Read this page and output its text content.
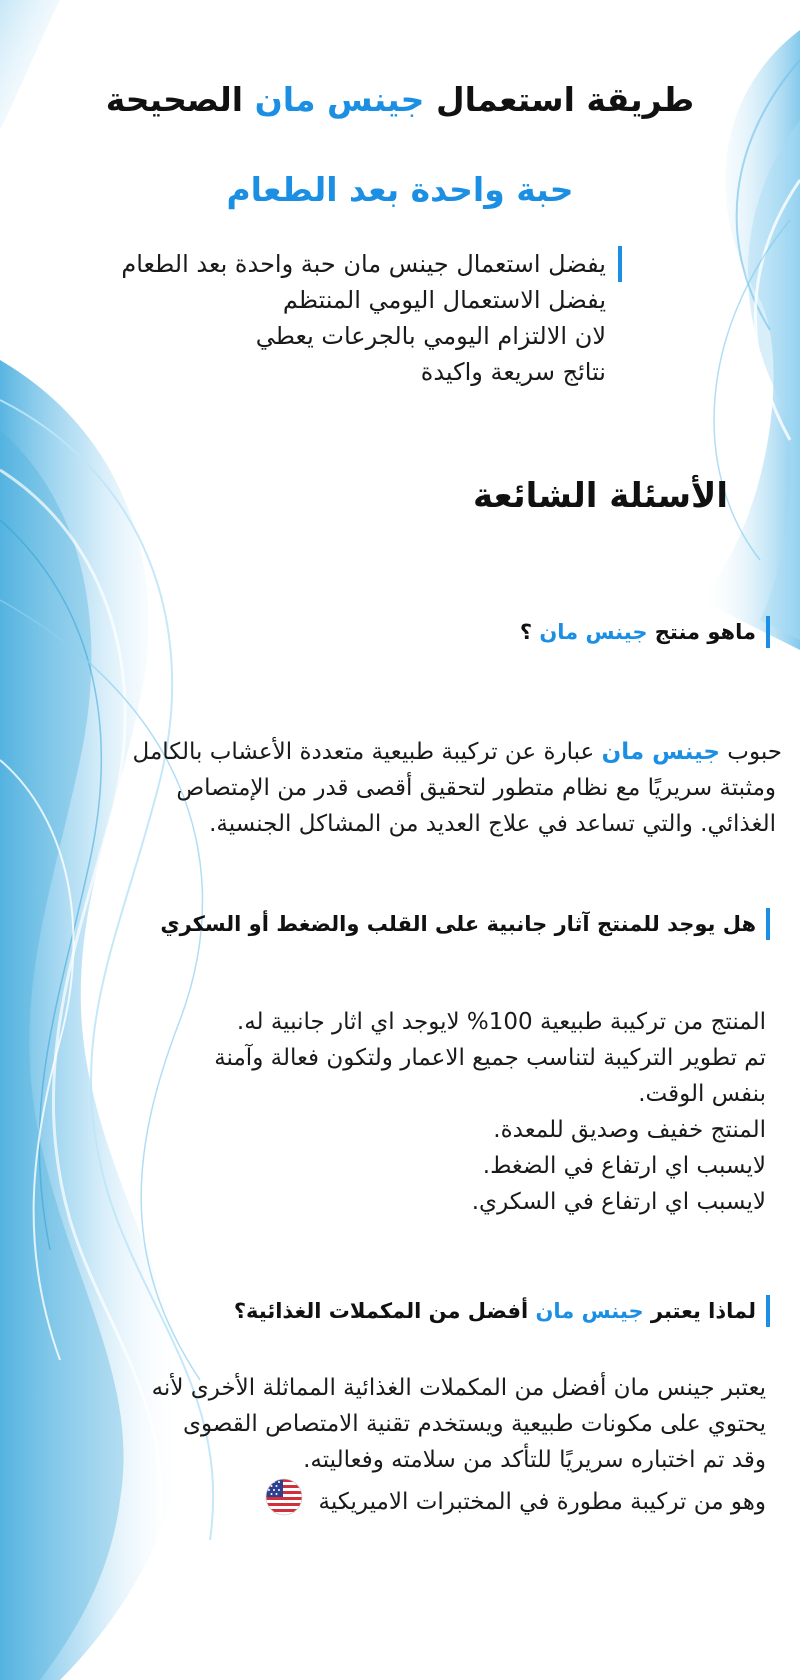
طريقة استعمال جينس مان الصحيحة
حبة واحدة بعد الطعام
يفضل استعمال جينس مان حبة واحدة بعد الطعام
يفضل الاستعمال اليومي المنتظم
لان الالتزام اليومي بالجرعات يعطي
نتائج سريعة واكيدة
الأسئلة الشائعة
ماهو منتج جينس مان ؟
حبوب جينس مان عبارة عن تركيبة طبيعية متعددة الأعشاب بالكامل
ومثبتة سريريًا مع نظام متطور لتحقيق أقصى قدر من الإمتصاص
الغذائي. والتي تساعد في علاج العديد من المشاكل الجنسية.
هل يوجد للمنتج آثار جانبية على القلب والضغط أو السكري
المنتج من تركيبة طبيعية 100% لايوجد اي اثار جانبية له.
تم تطوير التركيبة لتناسب جميع الاعمار ولتكون فعالة وآمنة
بنفس الوقت.
المنتج خفيف وصديق للمعدة.
لايسبب اي ارتفاع في الضغط.
لايسبب اي ارتفاع في السكري.
لماذا يعتبر جينس مان أفضل من المكملات الغذائية؟
يعتبر جينس مان أفضل من المكملات الغذائية المماثلة الأخرى لأنه
يحتوي على مكونات طبيعية ويستخدم تقنية الامتصاص القصوى
وقد تم اختباره سريريًا للتأكد من سلامته وفعاليته.
وهو من تركيبة مطورة في المختبرات الاميريكية
